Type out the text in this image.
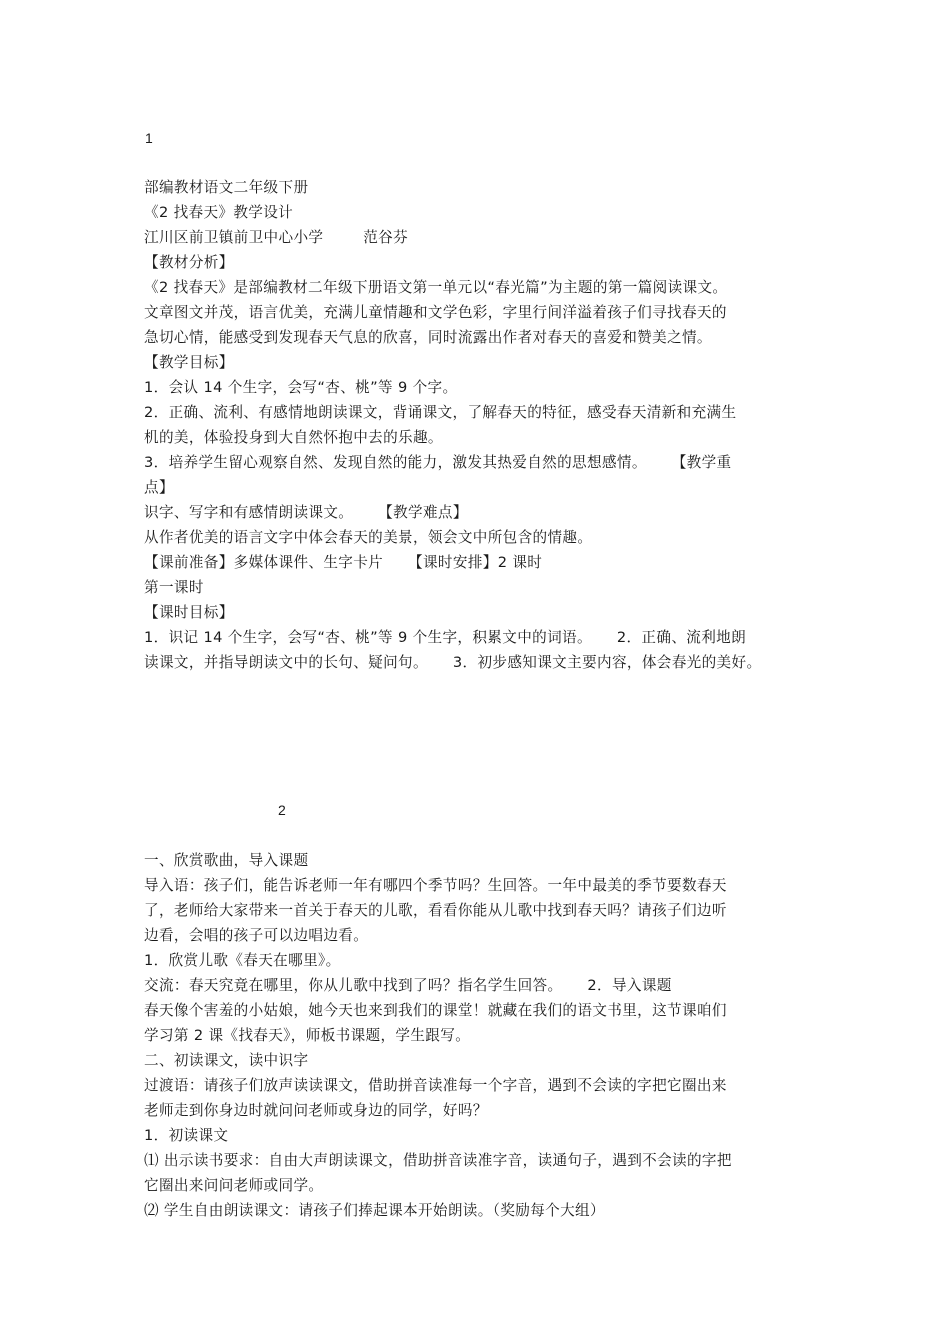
1
部编教材语文二年级下册
《2 找春天》教学设计
江川区前卫镇前卫中心小学        范谷芬
【教材分析】
《2 找春天》是部编教材二年级下册语文第一单元以“春光篇”为主题的第一篇阅读课文。
文章图文并茂，语言优美，充满儿童情趣和文学色彩，字里行间洋溢着孩子们寻找春天的
急切心情，能感受到发现春天气息的欣喜，同时流露出作者对春天的喜爱和赞美之情。
【教学目标】
1．会认 14 个生字，会写“杏、桃”等 9 个字。
2．正确、流利、有感情地朗读课文，背诵课文，了解春天的特征，感受春天清新和充满生
机的美，体验投身到大自然怀抱中去的乐趣。
3．培养学生留心观察自然、发现自然的能力，激发其热爱自然的思想感情。     【教学重
点】
识字、写字和有感情朗读课文。     【教学难点】
从作者优美的语言文字中体会春天的美景，领会文中所包含的情趣。
【课前准备】多媒体课件、生字卡片     【课时安排】2 课时
第一课时
【课时目标】
1．识记 14 个生字，会写“杏、桃”等 9 个生字，积累文中的词语。     2．正确、流利地朗
读课文，并指导朗读文中的长句、疑问句。     3．初步感知课文主要内容，体会春光的美好。
2
一、欣赏歌曲，导入课题
导入语：孩子们，能告诉老师一年有哪四个季节吗？生回答。一年中最美的季节要数春天
了，老师给大家带来一首关于春天的儿歌，看看你能从儿歌中找到春天吗？请孩子们边听
边看，会唱的孩子可以边唱边看。
1．欣赏儿歌《春天在哪里》。
交流：春天究竟在哪里，你从儿歌中找到了吗？指名学生回答。     2．导入课题
春天像个害羞的小姑娘，她今天也来到我们的课堂！就藏在我们的语文书里，这节课咱们
学习第 2 课《找春天》，师板书课题，学生跟写。
二、初读课文，读中识字
过渡语：请孩子们放声读读课文，借助拼音读准每一个字音，遇到不会读的字把它圈出来
老师走到你身边时就问问老师或身边的同学，好吗？
1．初读课文
⑴ 出示读书要求：自由大声朗读课文，借助拼音读准字音，读通句子，遇到不会读的字把
它圈出来问问老师或同学。
⑵ 学生自由朗读课文：请孩子们捧起课本开始朗读。（奖励每个大组）
